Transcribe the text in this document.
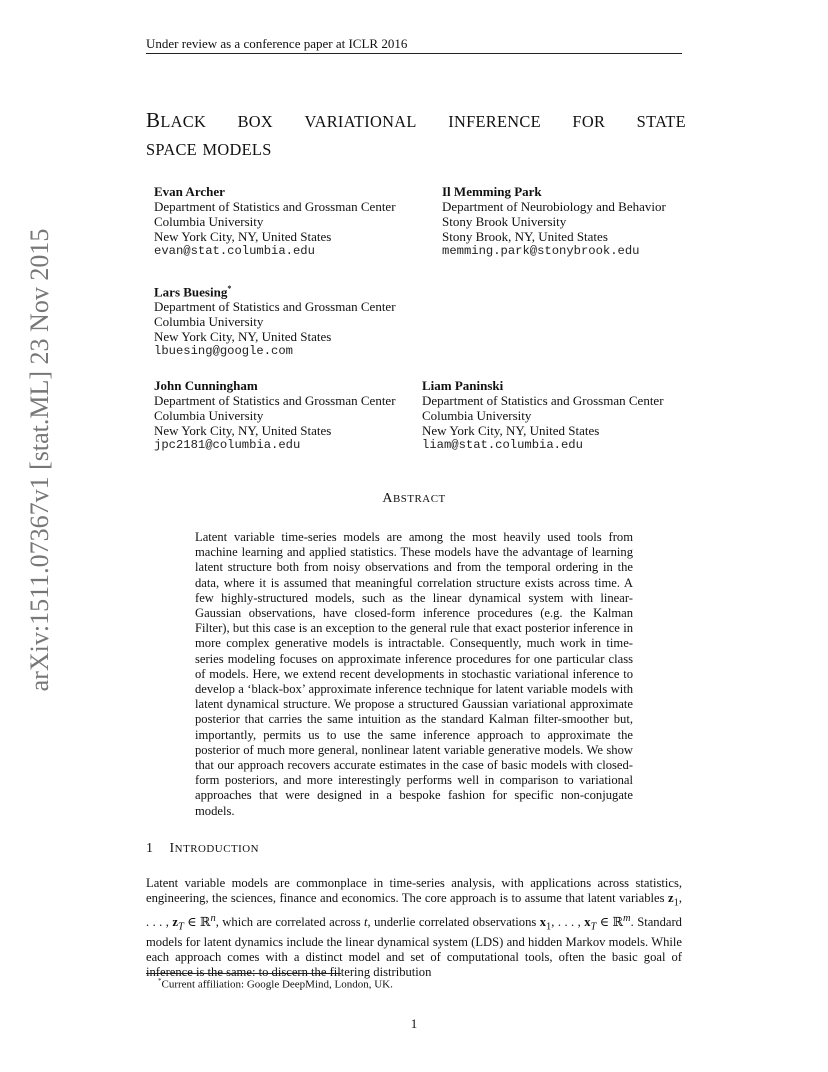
Under review as a conference paper at ICLR 2016
arXiv:1511.07367v1 [stat.ML] 23 Nov 2015
BLACK BOX VARIATIONAL INFERENCE FOR STATE
SPACE MODELS
Evan Archer
Department of Statistics and Grossman Center
Columbia University
New York City, NY, United States
evan@stat.columbia.edu
Il Memming Park
Department of Neurobiology and Behavior
Stony Brook University
Stony Brook, NY, United States
memming.park@stonybrook.edu
Lars Buesing*
Department of Statistics and Grossman Center
Columbia University
New York City, NY, United States
lbuesing@google.com
John Cunningham
Department of Statistics and Grossman Center
Columbia University
New York City, NY, United States
jpc2181@columbia.edu
Liam Paninski
Department of Statistics and Grossman Center
Columbia University
New York City, NY, United States
liam@stat.columbia.edu
ABSTRACT
Latent variable time-series models are among the most heavily used tools from machine learning and applied statistics. These models have the advantage of learning latent structure both from noisy observations and from the temporal ordering in the data, where it is assumed that meaningful correlation structure exists across time. A few highly-structured models, such as the linear dynamical system with linear-Gaussian observations, have closed-form inference procedures (e.g. the Kalman Filter), but this case is an exception to the general rule that exact posterior inference in more complex generative models is intractable. Consequently, much work in time-series modeling focuses on approximate inference procedures for one particular class of models. Here, we extend recent developments in stochastic variational inference to develop a ‘black-box’ approximate inference technique for latent variable models with latent dynamical structure. We propose a structured Gaussian variational approximate posterior that carries the same intuition as the standard Kalman filter-smoother but, importantly, permits us to use the same inference approach to approximate the posterior of much more general, nonlinear latent variable generative models. We show that our approach recovers accurate estimates in the case of basic models with closed-form posteriors, and more interestingly performs well in comparison to variational approaches that were designed in a bespoke fashion for specific non-conjugate models.
1 INTRODUCTION
Latent variable models are commonplace in time-series analysis, with applications across statistics, engineering, the sciences, finance and economics. The core approach is to assume that latent variables $z_1$, . . . , $z_T$ ∈ ℝ$^n$, which are correlated across t, underlie correlated observations $x_1$, . . . , $x_T$ ∈ ℝ$^m$. Standard models for latent dynamics include the linear dynamical system (LDS) and hidden Markov models. While each approach comes with a distinct model and set of computational tools, often the basic goal of inference is the same: to discern the filtering distribution
*Current affiliation: Google DeepMind, London, UK.
1
